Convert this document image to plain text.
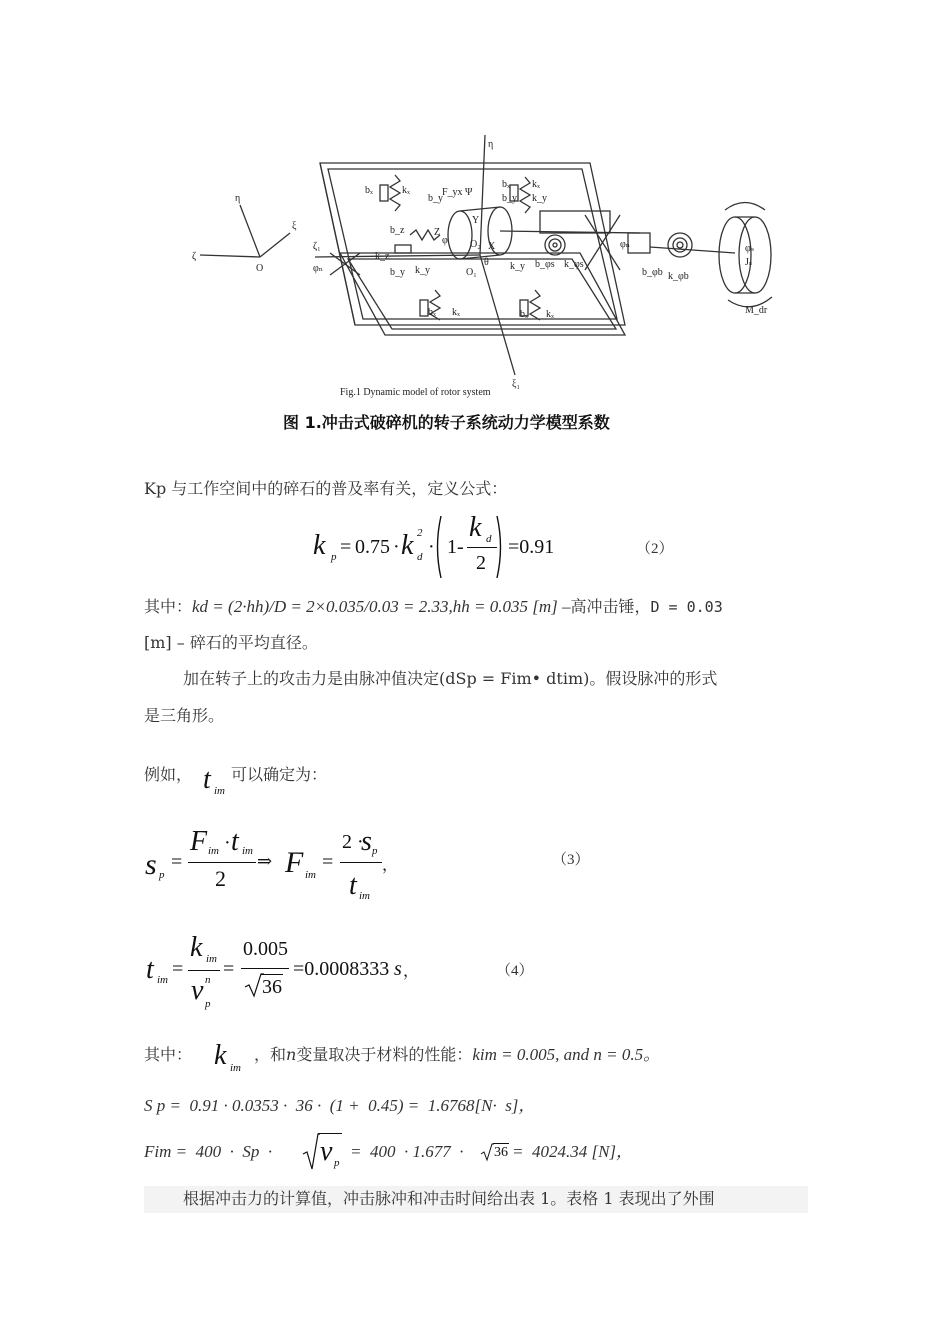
η
ζ
ξ
O
η
ζ₁
φₙ
ξ₁
bₓ	kₓ
bₓ kₓ
k_y
b_y
b_y
F_yx Ψ
b_z
k_z
b_y k_y
O₂
O₁
φ
θ k_y
X
Z
Y
b_φs k_φs
φₙ
b_φb k_φb
φₛ
Jₛ
M_dr
bₓ kₓ	bₓ kₓ
Fig.1 Dynamic model of rotor system
图 1.冲击式破碎机的转子系统动力学模型系数
Kp 与工作空间中的碎石的普及率有关，定义公式：
k p = 0.75 · k 2
d · 1-
k d
2
=0.91	（2）
其中：kd = (2·hh)/D = 2×0.035/0.03 = 2.33,hh = 0.035 [m] –高冲击锤，D = 0.03
[m] – 碎石的平均直径。
加在转子上的攻击力是由脉冲值决定(dSp = Fim• dtim)。假设脉冲的形式
是三角形。
例如， t im
可以确定为：
s p
=
F im · t im
2
⇒ F im
=
2 ·
s p
t im
，	（3）
t im =
k im
v n
p
=
0.005
36
=0.0008333 s ，	（4）
其中： k im
，和n变量取决于材料的性能：kim = 0.005, and n = 0.5。
S p =  0.91 · 0.0353 ·  36 ·  (1 +  0.45) =  1.6768[N·  s]，
Fim =  400  ·  Sp  · v p
=  400  · 1.677  · 36 =  4024.34 [N]，
根据冲击力的计算值，冲击脉冲和冲击时间给出表 1。表格 1 表现出了外围
